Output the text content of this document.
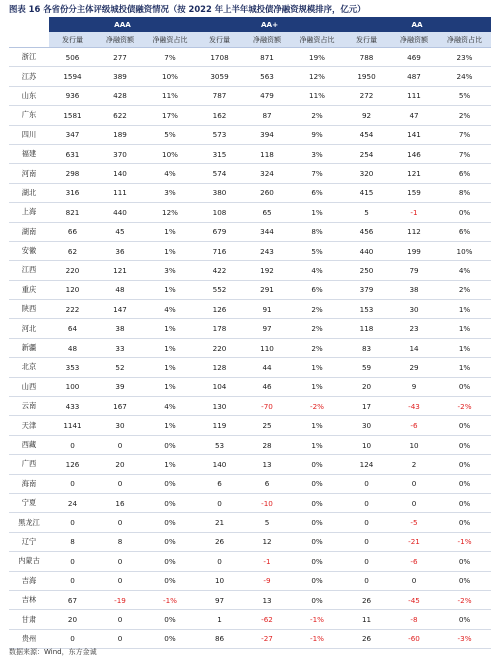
图表 16 各省份分主体评级城投债融资情况（按 2022 年上半年城投债净融资规模排序，亿元）
	AAA			AA+			AA		
	发行量	净融资额	净融资占比	发行量	净融资额	净融资占比	发行量	净融资额	净融资占比
浙江	506	277	7%	1708	871	19%	788	469	23%
江苏	1594	389	10%	3059	563	12%	1950	487	24%
山东	936	428	11%	787	479	11%	272	111	5%
广东	1581	622	17%	162	87	2%	92	47	2%
四川	347	189	5%	573	394	9%	454	141	7%
福建	631	370	10%	315	118	3%	254	146	7%
河南	298	140	4%	574	324	7%	320	121	6%
湖北	316	111	3%	380	260	6%	415	159	8%
上海	821	440	12%	108	65	1%	5	-1	0%
湖南	66	45	1%	679	344	8%	456	112	6%
安徽	62	36	1%	716	243	5%	440	199	10%
江西	220	121	3%	422	192	4%	250	79	4%
重庆	120	48	1%	552	291	6%	379	38	2%
陕西	222	147	4%	126	91	2%	153	30	1%
河北	64	38	1%	178	97	2%	118	23	1%
新疆	48	33	1%	220	110	2%	83	14	1%
北京	353	52	1%	128	44	1%	59	29	1%
山西	100	39	1%	104	46	1%	20	9	0%
云南	433	167	4%	130	-70	-2%	17	-43	-2%
天津	1141	30	1%	119	25	1%	30	-6	0%
西藏	0	0	0%	53	28	1%	10	10	0%
广西	126	20	1%	140	13	0%	124	2	0%
海南	0	0	0%	6	6	0%	0	0	0%
宁夏	24	16	0%	0	-10	0%	0	0	0%
黑龙江	0	0	0%	21	5	0%	0	-5	0%
辽宁	8	8	0%	26	12	0%	0	-21	-1%
内蒙古	0	0	0%	0	-1	0%	0	-6	0%
吉海	0	0	0%	10	-9	0%	0	0	0%
吉林	67	-19	-1%	97	13	0%	26	-45	-2%
甘肃	20	0	0%	1	-62	-1%	11	-8	0%
贵州	0	0	0%	86	-27	-1%	26	-60	-3%
数据来源：Wind，东方金诚
